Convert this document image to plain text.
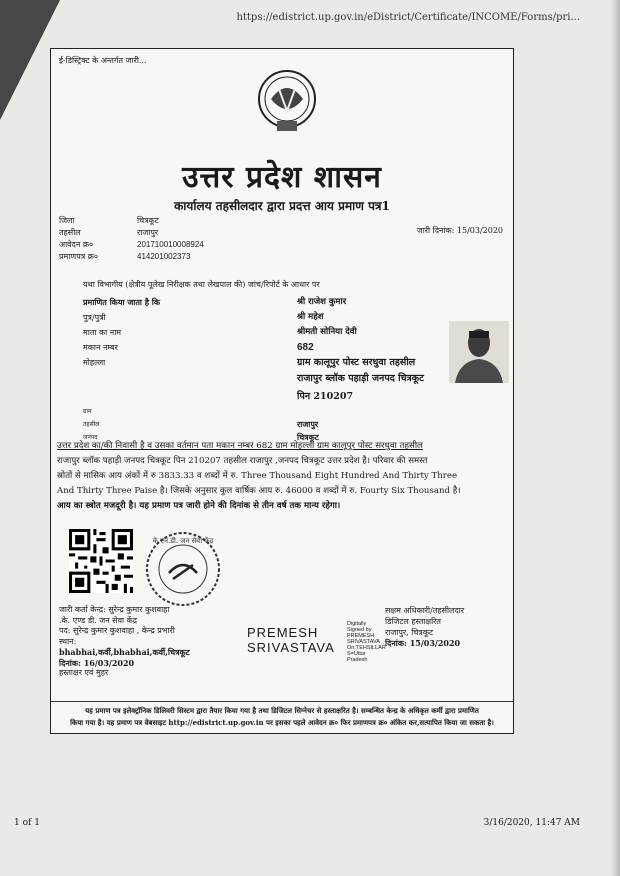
https://edistrict.up.gov.in/eDistrict/Certificate/INCOME/Forms/pri...
ई-डिस्ट्रिक्ट के अन्तर्गत जारी...
उत्तर प्रदेश शासन
कार्यालय तहसीलदार द्वारा प्रदत्त आय प्रमाण पत्र1
जिला
तहसील
आवेदन क्र०
प्रमाणपत्र क्र०
चित्रकूट
राजापुर
201710010008924
414201002373
जारी दिनांक: 15/03/2020
यथा विभागीय (क्षेत्रीय पूलेख निरीक्षक तथा लेखपाल की) जांच/रिपोर्ट के आधार पर
प्रमाणित किया जाता है कि
पुत्र/पुत्री
माता का नाम
मकान नम्बर
मोहल्ला
श्री राजेश कुमार
श्री महेश
श्रीमती सोनिया देवी
682
ग्राम कालूपुर पोस्ट सरधुवा तहसील
राजापुर ब्लॉक पहाड़ी जनपद चित्रकूट
पिन 210207
ग्राम
तहसील
जनपद
राजापुर
चित्रकूट
उत्तर प्रदेश का/की निवासी है व उसका वर्तमान पता मकान नम्बर 682 ग्राम मोहल्ला ग्राम कालूपुर पोस्ट सरधुवा तहसील
राजापुर ब्लॉक पहाड़ी जनपद चित्रकूट पिन 210207 तहसील राजापुर ,जनपद चित्रकूट उत्तर प्रदेश है। परिवार की समस्त
स्रोतों से मासिक आय अंकों में रु 3833.33 व शब्दों में रु. Three Thousand Eight Hundred And Thirty Three
And Thirty Three Paise है। जिसके अनुसार कुल वार्षिक आय रु. 46000 व शब्दों में रु. Fourty Six Thousand है।
आय का स्त्रोत मजदूरी है। यह प्रमाण पत्र जारी होने की दिनांक से तीन वर्ष तक मान्य रहेगा।
के.एन.डी. जन सेवा केंद्र
जारी कर्ता केन्द्र: सुरेन्द्र कुमार कुशवाहा
.के. एण्ड डी. जन सेवा केंद्र
पद: सुरेन्द्र कुमार कुशवाहा , केन्द्र प्रभारी
स्थान:
bhabhai,कर्वी,bhabhai,कर्वी,चित्रकूट
दिनांक: 16/03/2020
हस्ताक्षर एवं मुहर
PREMESH
SRIVASTAVA
Digitally
Signed by
PREMESH
SRIVASTAVA
On:TEHSILLAR
S=Uttar
Pradesh
सक्षम अधिकारी/तहसीलदार
डिजिटल हस्ताक्षरित
राजापुर, चित्रकूट
दिनांक: 15/03/2020
यह प्रमाण पत्र इलेक्ट्रॉनिक डिलिवरी सिस्टम द्वारा तैयार किया गया है तथा डिजिटल सिग्नेचर से हस्ताक्षरित है। सम्बन्धित केन्द्र के अधिकृत कर्मी द्वारा प्रमाणित
किया गया है। यह प्रमाण पत्र वेबसाइट http://edistrict.up.gov.in पर इसका पहले आवेदन क्र० फिर प्रमाणपत्र क्र० अंकित कर,सत्यापित किया जा सकता है।
1 of 1	3/16/2020, 11:47 AM
